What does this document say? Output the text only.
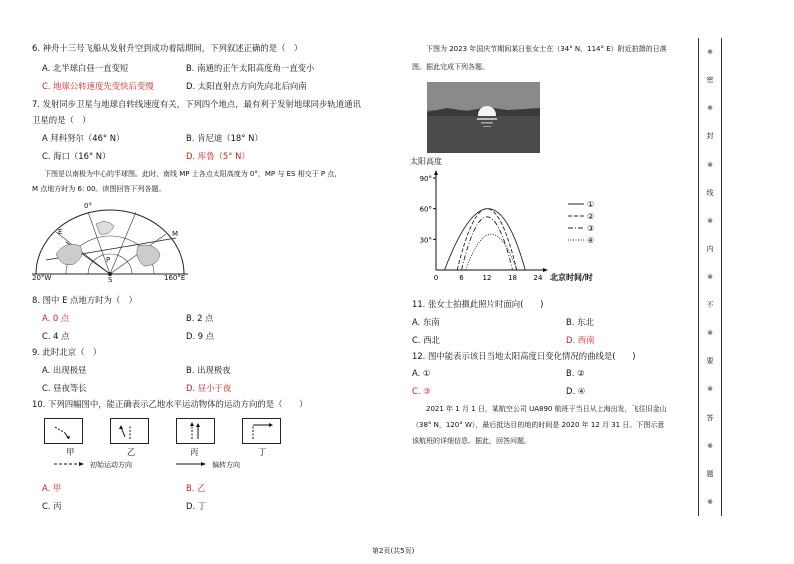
6. 神舟十三号飞船从发射升空到成功着陆期间，下列叙述正确的是（　）
A. 北半球白昼一直变短	B. 南通的正午太阳高度角一直变小
C. 地球公转速度先变快后变慢	D. 太阳直射点方向先向北后向南
7. 发射同步卫星与地球自转线速度有关，下列四个地点，最有利于发射地球同步轨道通讯
卫星的是（　）
A 拜科努尔（46° N）	B. 肯尼迪（18° N）
C. 海口（16° N）	D. 库鲁（5° N）
下图是以南极为中心的半球图。此时，南线 MP 上各点太阳高度为 0°，MP 与 ES 相交于 P 点，
M 点地方时为 6: 00。读图回答下列各题。
0°
P
S
E	M
20°W	160°E
8. 图中 E 点地方时为（　）
A. 0 点	B. 2 点
C. 4 点	D. 9 点
9. 此时北京（　）
A. 出现极昼	B. 出现极夜
C. 昼夜等长	D. 昼小于夜
10. 下列四幅图中，能正确表示乙地水平运动物体的运动方向的是（　　）
甲	乙	丙	丁
初始运动方向	偏转方向
A. 甲	B. 乙
C. 丙	D. 丁
下图为 2023 年国庆节期间某日张女士在（34° N，114° E）附近拍摄的日落
图。据此完成下列各题。
太阳高度
30°
60°
90°
0	6	12 18 24 北京时间/时
①
②
③
④
11. 张女士拍摄此照片时面向(　　)
A. 东南	B. 东北
C. 西北	D. 西南
12. 图中能表示该日当地太阳高度日变化情况的曲线是(　　)
A. ①	B. ②
C. ③	D. ④
2021 年 1 月 1 日，某航空公司 UA890 航班于当日从上海出发，飞往旧金山
（38° N，120° W），最后抵达目的地的时间是 2020 年 12 月 31 日。下图示意
该航班的详细信息。据此，回答问题。
※
密
※
封
※
线
※
内
※
不
※
要
※
答
※
题
※
第2页(共5页)
